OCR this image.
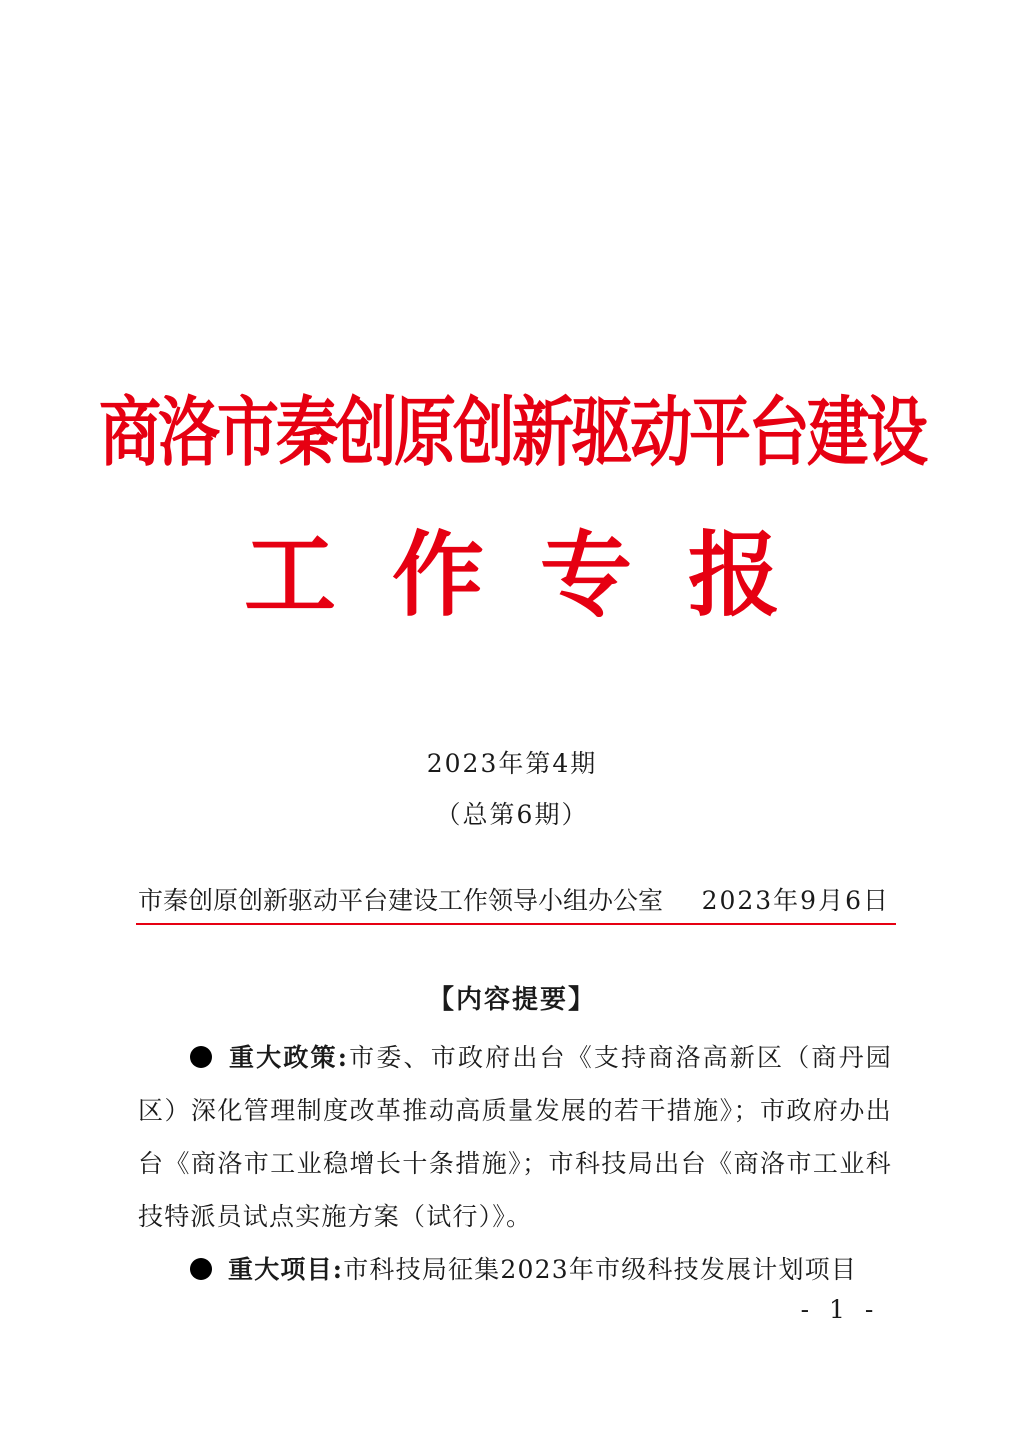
商洛市秦创原创新驱动平台建设
工作专报
2023年第4期
（总第6期）
市秦创原创新驱动平台建设工作领导小组办公室 2023年9月6日
【内容提要】

重大政策:市委、市政府出台《支持商洛高新区（商丹园区）深化管理制度改革推动高质量发展的若干措施》；市政府办出台《商洛市工业稳增长十条措施》；市科技局出台《商洛市工业科技特派员试点实施方案（试行）》。

重大项目:市科技局征集2023年市级科技发展计划项目

- 1 -
